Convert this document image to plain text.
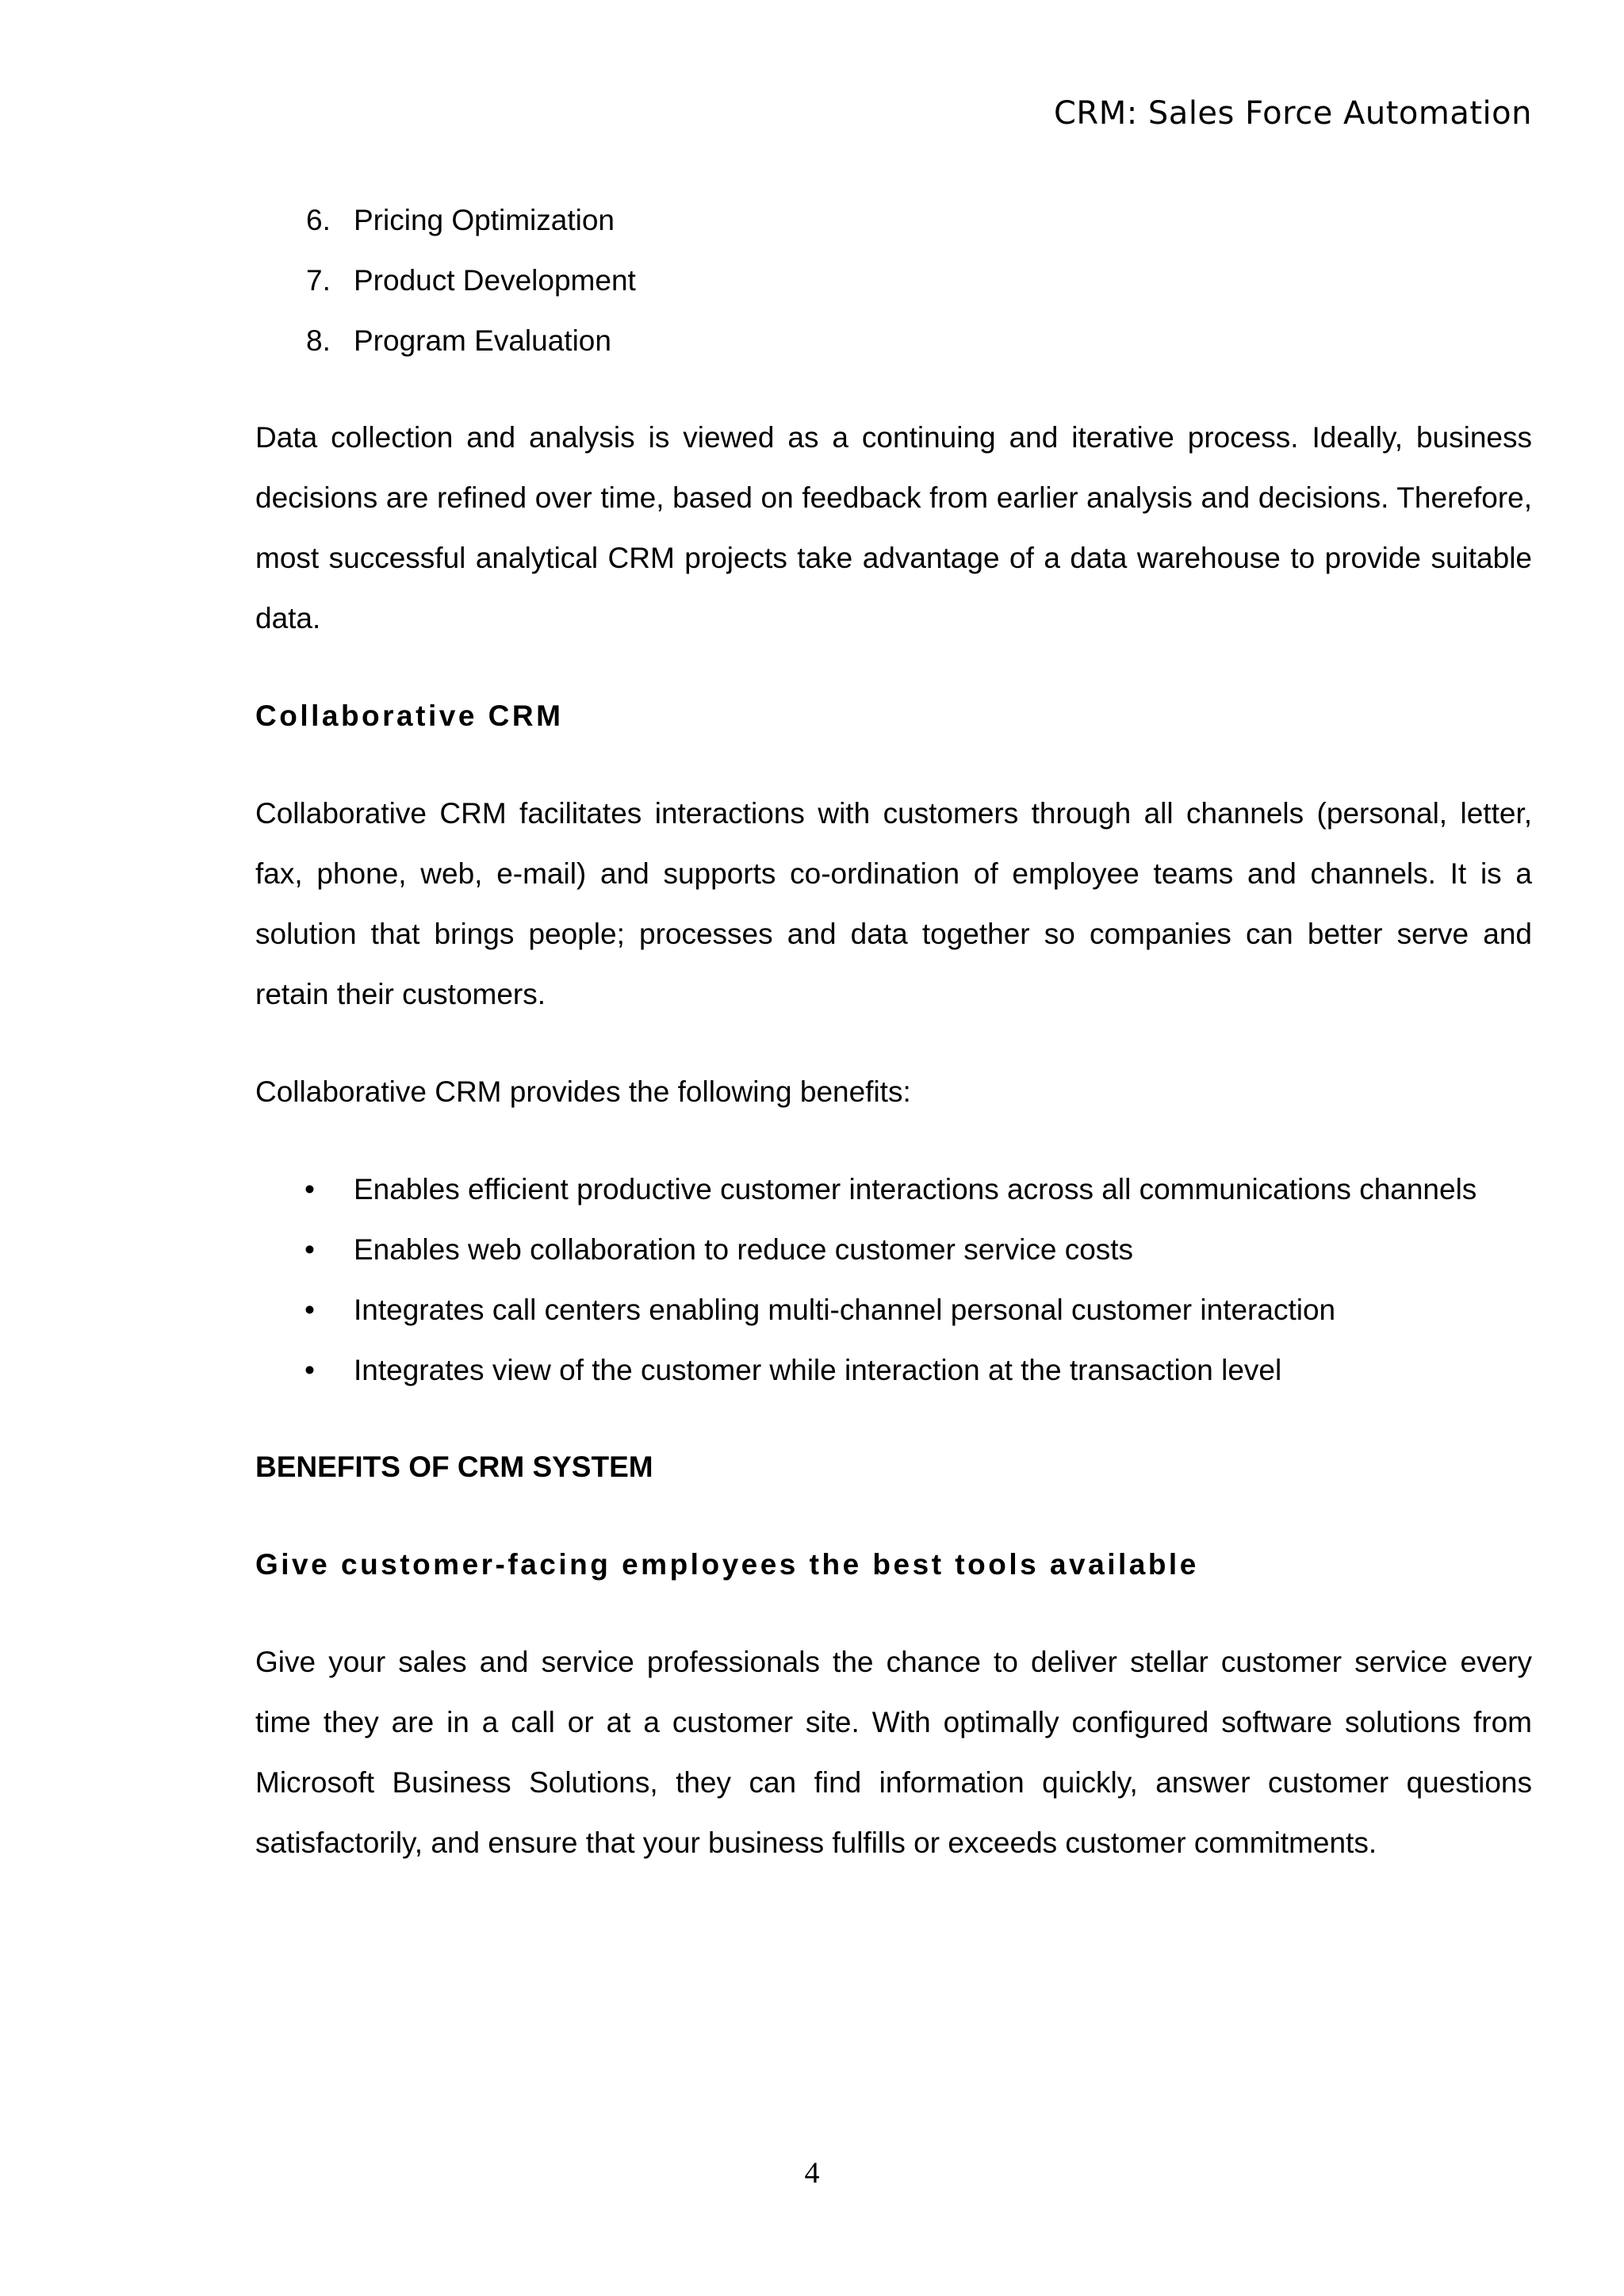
CRM: Sales Force Automation
6. Pricing Optimization
7. Product Development
8. Program Evaluation

Data collection and analysis is viewed as a continuing and iterative process. Ideally, business decisions are refined over time, based on feedback from earlier analysis and decisions. Therefore, most successful analytical CRM projects take advantage of a data warehouse to provide suitable data.

Collaborative CRM

Collaborative CRM facilitates interactions with customers through all channels (personal, letter, fax, phone, web, e-mail) and supports co-ordination of employee teams and channels. It is a solution that brings people; processes and data together so companies can better serve and retain their customers.

Collaborative CRM provides the following benefits:

•	Enables efficient productive customer interactions across all communications channels
•	Enables web collaboration to reduce customer service costs
•	Integrates call centers enabling multi-channel personal customer interaction
•	Integrates view of the customer while interaction at the transaction level
BENEFITS OF CRM SYSTEM
Give customer-facing employees the best tools available

Give your sales and service professionals the chance to deliver stellar customer service every time they are in a call or at a customer site. With optimally configured software solutions from Microsoft Business Solutions, they can find information quickly, answer customer questions satisfactorily, and ensure that your business fulfills or exceeds customer commitments.

4
